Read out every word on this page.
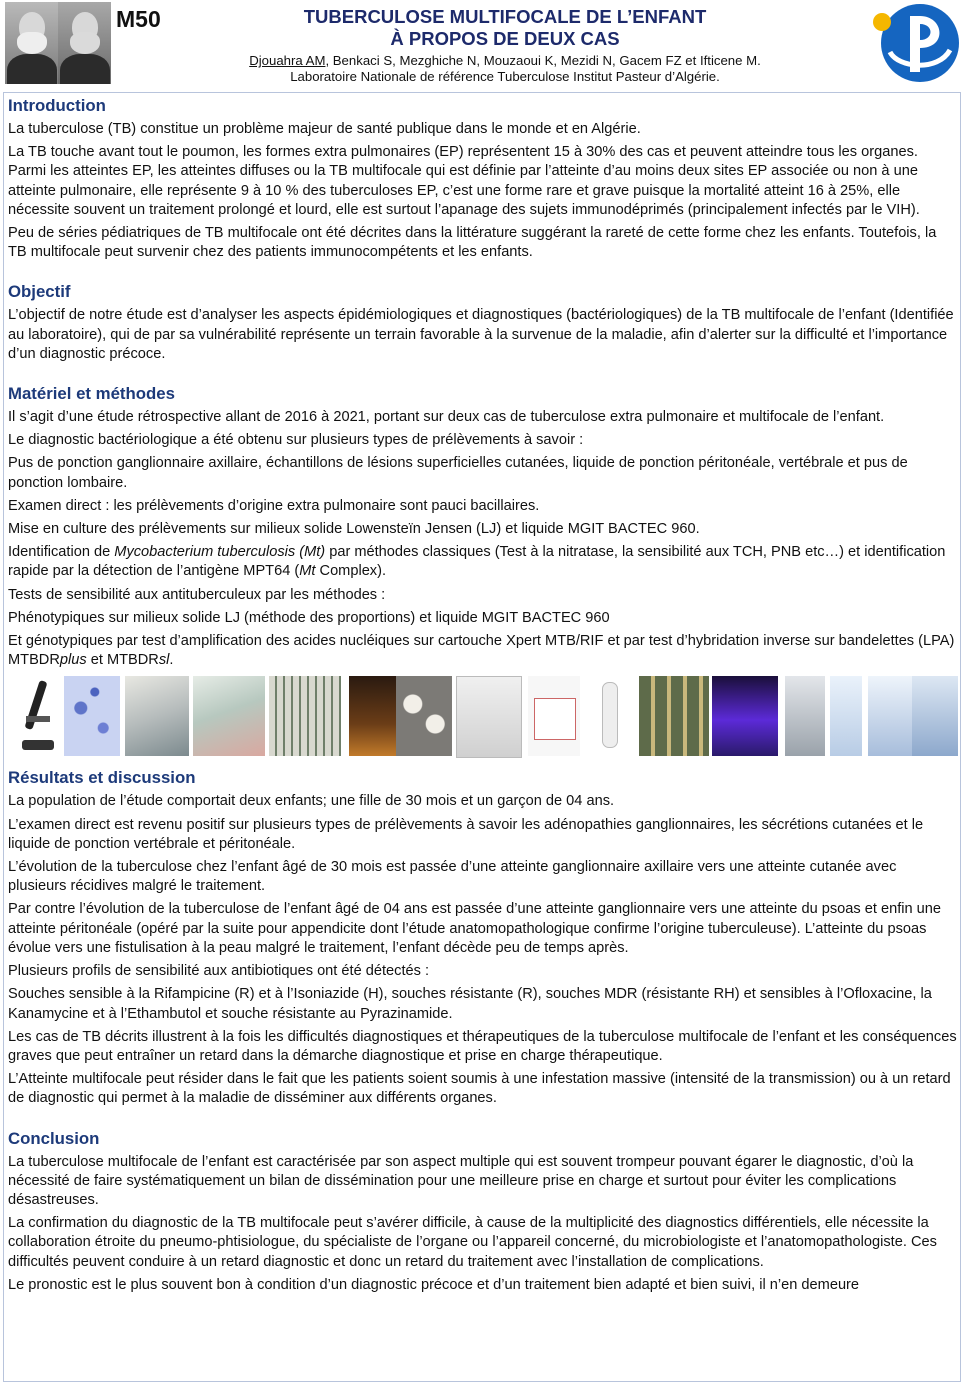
M50	TUBERCULOSE MULTIFOCALE DE L’ENFANT
À PROPOS DE DEUX CAS
Djouahra AM, Benkaci S, Mezghiche N, Mouzaoui K, Mezidi N, Gacem FZ et Ifticene M.
Laboratoire Nationale de référence Tuberculose Institut Pasteur d’Algérie.
Introduction

La tuberculose (TB) constitue un problème majeur de santé publique dans le monde et en Algérie.

La TB touche avant tout le poumon, les formes extra pulmonaires (EP) représentent 15 à 30% des cas et peuvent atteindre tous les organes. Parmi les atteintes EP, les atteintes diffuses ou la TB multifocale qui est définie par l’atteinte d’au moins deux sites EP associée ou non à une atteinte pulmonaire, elle représente 9 à 10 % des tuberculoses EP, c’est une forme rare et grave puisque la mortalité atteint 16 à 25%, elle nécessite souvent un traitement prolongé et lourd, elle est surtout l’apanage des sujets immunodéprimés (principalement infectés par le VIH).

Peu de séries pédiatriques de TB multifocale ont été décrites dans la littérature suggérant la rareté de cette forme chez les enfants. Toutefois, la TB multifocale peut survenir chez des patients immunocompétents et les enfants.

Objectif

L’objectif de notre étude est d’analyser les aspects épidémiologiques et diagnostiques (bactériologiques) de la TB multifocale de l’enfant (Identifiée au laboratoire), qui de par sa vulnérabilité représente un terrain favorable à la survenue de la maladie, afin d’alerter sur la difficulté et l’importance d’un diagnostic précoce.

Matériel et méthodes

Il s’agit d’une étude rétrospective allant de 2016 à 2021, portant sur deux cas de tuberculose extra pulmonaire et multifocale de l’enfant.

Le diagnostic bactériologique a été obtenu sur plusieurs types de prélèvements à savoir :

Pus de ponction ganglionnaire axillaire, échantillons de lésions superficielles cutanées, liquide de ponction péritonéale, vertébrale et pus de ponction lombaire.

Examen direct : les prélèvements d’origine extra pulmonaire sont pauci bacillaires.

Mise en culture des prélèvements sur milieux solide Lowensteïn Jensen (LJ) et liquide MGIT BACTEC 960.

Identification de Mycobacterium tuberculosis (Mt) par méthodes classiques (Test à la nitratase, la sensibilité aux TCH, PNB etc…) et identification rapide par la détection de l’antigène MPT64 (Mt Complex).

Tests de sensibilité aux antituberculeux par les méthodes :

Phénotypiques sur milieux solide LJ (méthode des proportions) et liquide MGIT BACTEC 960

Et génotypiques par test d’amplification des acides nucléiques sur cartouche Xpert MTB/RIF et par test d’hybridation inverse sur bandelettes (LPA) MTBDRplus et MTBDRsl.

Résultats et discussion

La population de l’étude comportait deux enfants; une fille de 30 mois et un garçon de 04 ans.

L’examen direct est revenu positif sur plusieurs types de prélèvements à savoir les adénopathies ganglionnaires, les sécrétions cutanées et le liquide de ponction vertébrale et péritonéale.

L’évolution de la tuberculose chez l’enfant âgé de 30 mois est passée d’une atteinte ganglionnaire axillaire vers une atteinte cutanée avec plusieurs récidives malgré le traitement.

Par contre l’évolution de la tuberculose de l’enfant âgé de 04 ans est passée d’une atteinte ganglionnaire vers une atteinte du psoas et enfin une atteinte péritonéale (opéré par la suite pour appendicite dont l’étude anatomopathologique confirme l’origine tuberculeuse). L’atteinte du psoas évolue vers une fistulisation à la peau malgré le traitement, l’enfant décède peu de temps après.

Plusieurs profils de sensibilité aux antibiotiques ont été détectés :

Souches sensible à la Rifampicine (R) et à l’Isoniazide (H), souches résistante (R), souches MDR (résistante RH) et sensibles à l’Ofloxacine, la Kanamycine et à l’Ethambutol et souche résistante au Pyrazinamide.

Les cas de TB décrits illustrent à la fois les difficultés diagnostiques et thérapeutiques de la tuberculose multifocale de l’enfant et les conséquences graves que peut entraîner un retard dans la démarche diagnostique et prise en charge thérapeutique.

L’Atteinte multifocale peut résider dans le fait que les patients soient soumis à une infestation massive (intensité de la transmission) ou à un retard de diagnostic qui permet à la maladie de disséminer aux différents organes.

Conclusion

La tuberculose multifocale de l’enfant est caractérisée par son aspect multiple qui est souvent trompeur pouvant égarer le diagnostic, d’où la nécessité de faire systématiquement un bilan de dissémination pour une meilleure prise en charge et surtout pour éviter les complications désastreuses.

La confirmation du diagnostic de la TB multifocale peut s’avérer difficile, à cause de la multiplicité des diagnostics différentiels, elle nécessite la collaboration étroite du pneumo-phtisiologue, du spécialiste de l’organe ou l’appareil concerné, du microbiologiste et l’anatomopathologiste. Ces difficultés peuvent conduire à un retard diagnostic et donc un retard du traitement avec l’installation de complications.

Le pronostic est le plus souvent bon à condition d’un diagnostic précoce et d’un traitement bien adapté et bien suivi, il n’en demeure
